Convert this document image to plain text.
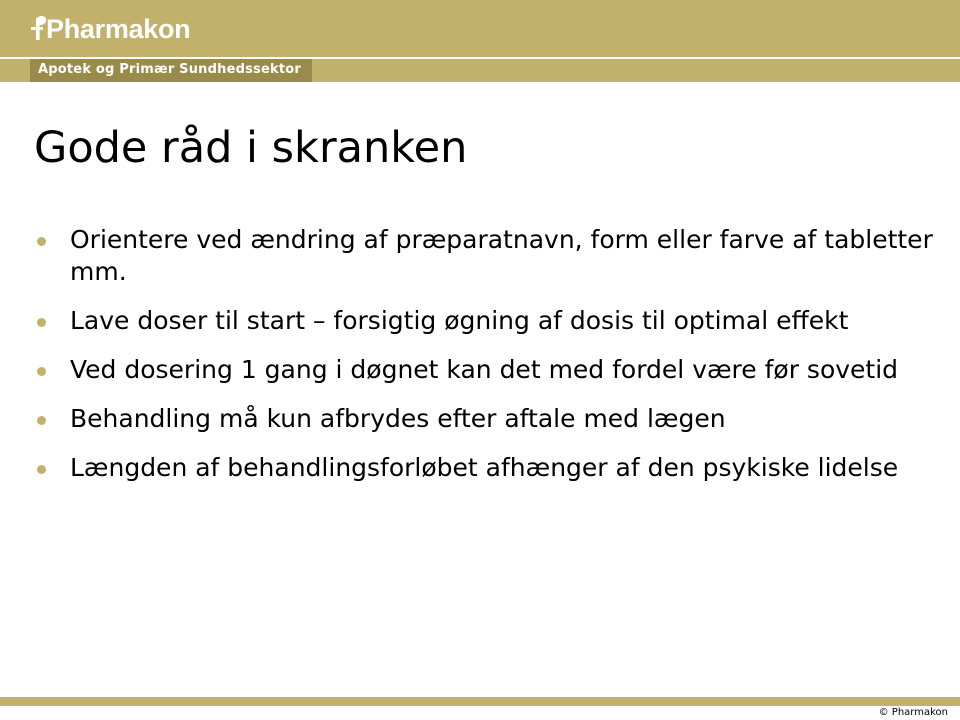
Apotek og Primær Sundhedssektor
Pharmakon
Gode råd i skranken
Orientere ved ændring af præparatnavn, form eller farve af tabletter mm.
Lave doser til start – forsigtig øgning af dosis til optimal effekt
Ved dosering 1 gang i døgnet kan det med fordel være før sovetid
Behandling må kun afbrydes efter aftale med lægen
Længden af behandlingsforløbet afhænger af den psykiske lidelse
© Pharmakon
